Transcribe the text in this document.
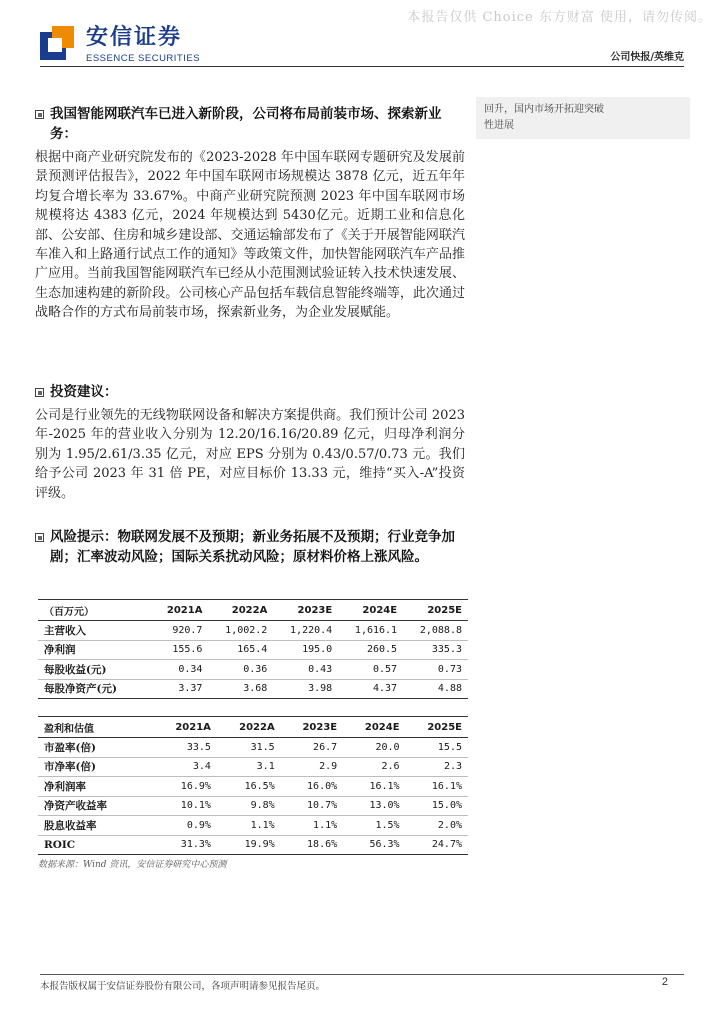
本报告仅供 Choice 东方财富 使用，请勿传阅。
安信证券
ESSENCE SECURITIES	公司快报/英维克
回升，国内市场开拓迎突破
性进展
我国智能网联汽车已进入新阶段，公司将布局前装市场、探索新业务：
根据中商产业研究院发布的《2023-2028 年中国车联网专题研究及发展前景预测评估报告》，2022 年中国车联网市场规模达 3878 亿元，近五年年均复合增长率为 33.67%。中商产业研究院预测 2023 年中国车联网市场规模将达 4383 亿元，2024 年规模达到 5430亿元。近期工业和信息化部、公安部、住房和城乡建设部、交通运输部发布了《关于开展智能网联汽车准入和上路通行试点工作的通知》等政策文件，加快智能网联汽车产品推广应用。当前我国智能网联汽车已经从小范围测试验证转入技术快速发展、生态加速构建的新阶段。公司核心产品包括车载信息智能终端等，此次通过战略合作的方式布局前装市场，探索新业务，为企业发展赋能。
投资建议：
公司是行业领先的无线物联网设备和解决方案提供商。我们预计公司 2023 年-2025 年的营业收入分别为 12.20/16.16/20.89 亿元，归母净利润分别为 1.95/2.61/3.35 亿元，对应 EPS 分别为 0.43/0.57/0.73 元。我们给予公司 2023 年 31 倍 PE，对应目标价 13.33 元，维持“买入-A”投资评级。
风险提示：物联网发展不及预期；新业务拓展不及预期；行业竞争加剧；汇率波动风险；国际关系扰动风险；原材料价格上涨风险。
（百万元）	2021A	2022A	2023E	2024E	2025E
主营收入	920.7	1,002.2	1,220.4	1,616.1	2,088.8
净利润	155.6	165.4	195.0	260.5	335.3
每股收益(元)	0.34	0.36	0.43	0.57	0.73
每股净资产(元)	3.37	3.68	3.98	4.37	4.88
盈利和估值	2021A	2022A	2023E	2024E	2025E
市盈率(倍)	33.5	31.5	26.7	20.0	15.5
市净率(倍)	3.4	3.1	2.9	2.6	2.3
净利润率	16.9%	16.5%	16.0%	16.1%	16.1%
净资产收益率	10.1%	9.8%	10.7%	13.0%	15.0%
股息收益率	0.9%	1.1%	1.1%	1.5%	2.0%
ROIC	31.3%	19.9%	18.6%	56.3%	24.7%
数据来源：Wind 资讯，安信证券研究中心预测
本报告版权属于安信证券股份有限公司，各项声明请参见报告尾页。	2
